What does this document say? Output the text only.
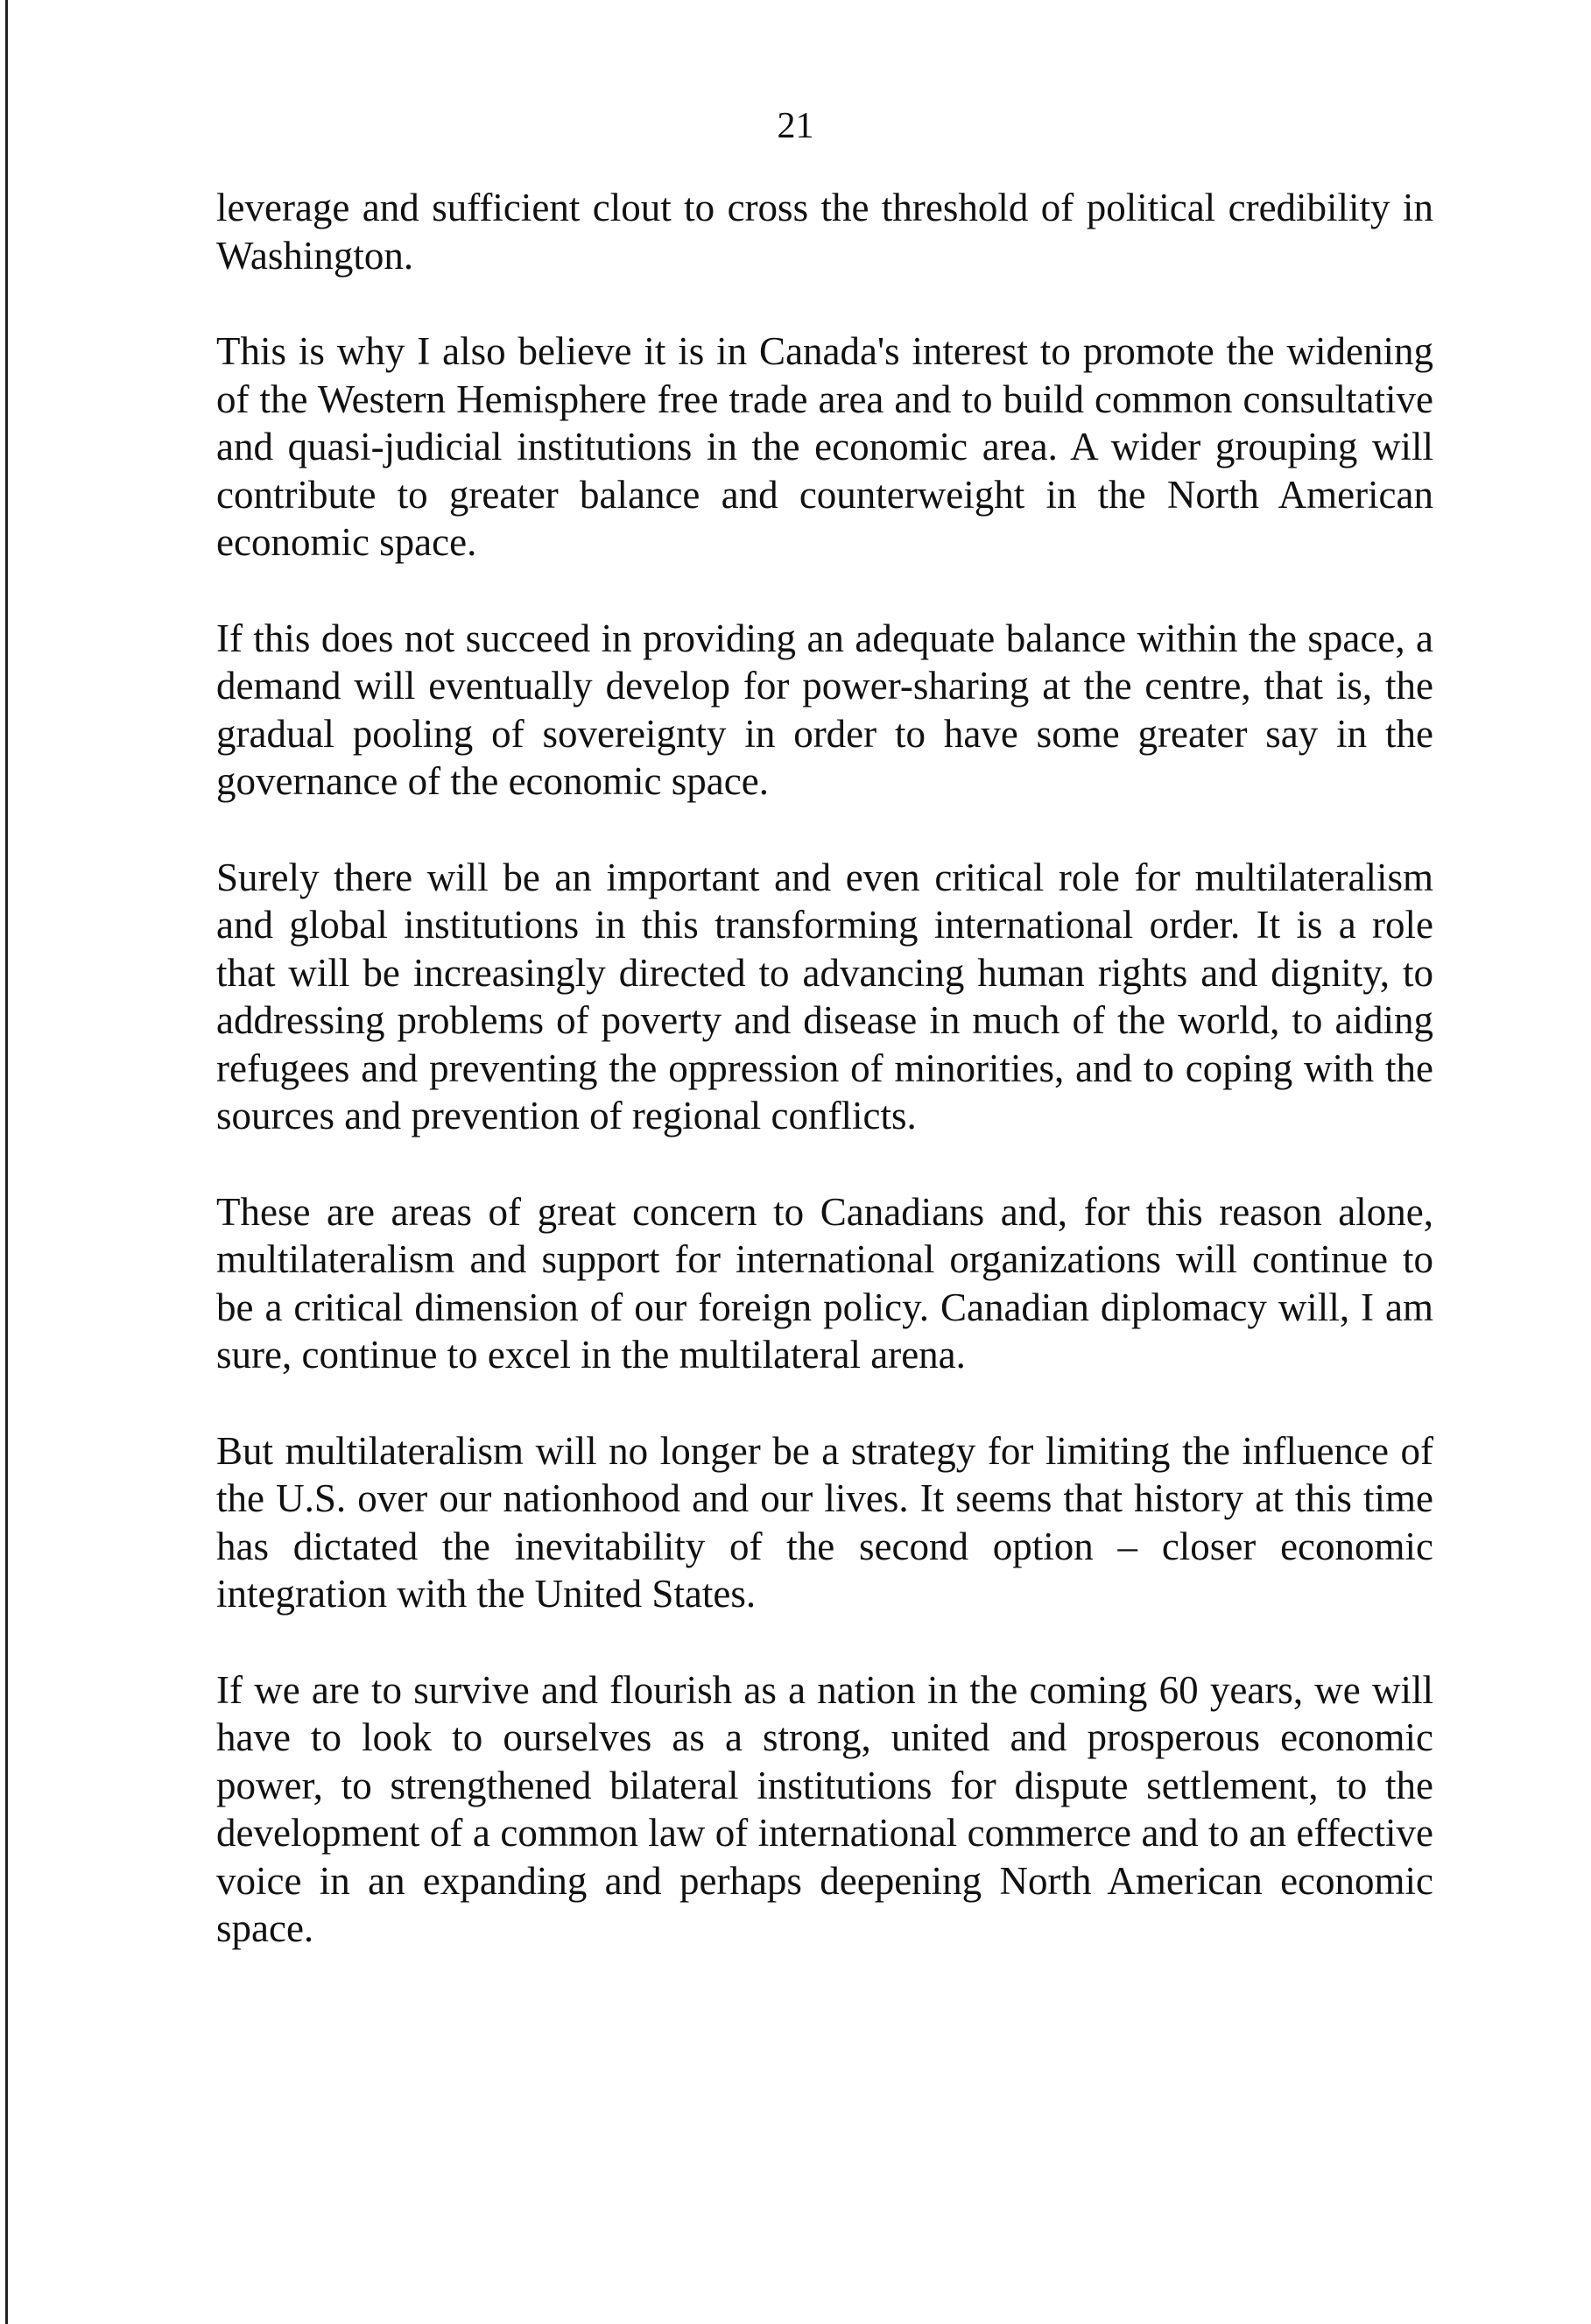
21

leverage and sufficient clout to cross the threshold of political credibility in Washington.

This is why I also believe it is in Canada's interest to promote the widening of the Western Hemisphere free trade area and to build common consultative and quasi-judicial institutions in the economic area. A wider grouping will contribute to greater balance and counterweight in the North American economic space.

If this does not succeed in providing an adequate balance within the space, a demand will eventually develop for power-sharing at the centre, that is, the gradual pooling of sovereignty in order to have some greater say in the governance of the economic space.

Surely there will be an important and even critical role for multilateralism and global institutions in this transforming international order. It is a role that will be increasingly directed to advancing human rights and dignity, to addressing problems of poverty and disease in much of the world, to aiding refugees and preventing the oppression of minorities, and to coping with the sources and prevention of regional conflicts.

These are areas of great concern to Canadians and, for this reason alone, multilateralism and support for international organizations will continue to be a critical dimension of our foreign policy. Canadian diplomacy will, I am sure, continue to excel in the multilateral arena.

But multilateralism will no longer be a strategy for limiting the influence of the U.S. over our nationhood and our lives. It seems that history at this time has dictated the inevitability of the second option – closer economic integration with the United States.

If we are to survive and flourish as a nation in the coming 60 years, we will have to look to ourselves as a strong, united and prosperous economic power, to strengthened bilateral institutions for dispute settlement, to the development of a common law of international commerce and to an effective voice in an expanding and perhaps deepening North American economic space.
